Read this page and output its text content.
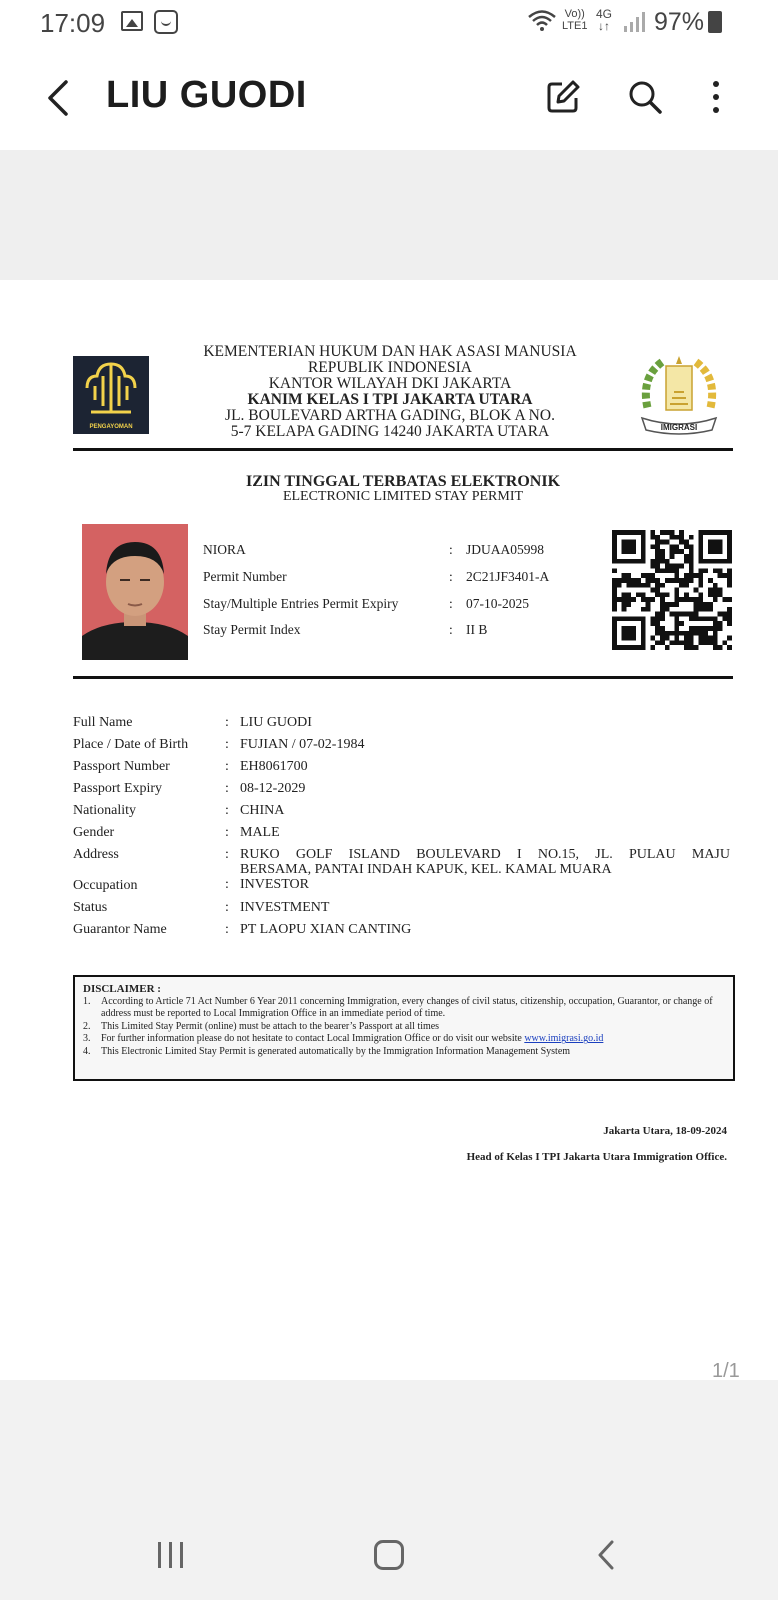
17:09	Vo))
LTE1
4G
↓↑ 97%
LIU GUODI
PENGAYOMAN	IMIGRASI
KEMENTERIAN HUKUM DAN HAK ASASI MANUSIA
REPUBLIK INDONESIA
KANTOR WILAYAH DKI JAKARTA
KANIM KELAS I TPI JAKARTA UTARA
JL. BOULEVARD ARTHA GADING, BLOK A NO.
5-7 KELAPA GADING 14240 JAKARTA UTARA
IZIN TINGGAL TERBATAS ELEKTRONIK
ELECTRONIC LIMITED STAY PERMIT
NIORA	: JDUAA05998
Permit Number	: 2C21JF3401-A
Stay/Multiple Entries Permit Expiry	: 07-10-2025
Stay Permit Index	: II B
Full Name	: LIU GUODI
Place / Date of Birth	: FUJIAN / 07-02-1984
Passport Number	: EH8061700
Passport Expiry	: 08-12-2029
Nationality	: CHINA
Gender	: MALE
Address	: RUKO GOLF ISLAND BOULEVARD I NO.15, JL. PULAU MAJU
BERSAMA, PANTAI INDAH KAPUK, KEL. KAMAL MUARA
Occupation	: INVESTOR
Status	: INVESTMENT
Guarantor Name	: PT LAOPU XIAN CANTING
DISCLAIMER :
1.	According to Article 71 Act Number 6 Year 2011 concerning Immigration, every changes of civil status, citizenship, occupation, Guarantor, or change of address must be reported to Local Immigration Office in an immediate period of time.
2.	This Limited Stay Permit (online) must be attach to the bearer’s Passport at all times
3.	For further information please do not hesitate to contact Local Immigration Office or do visit our website www.imigrasi.go.id
4.	This Electronic Limited Stay Permit is generated automatically by the Immigration Information Management System
Jakarta Utara, 18-09-2024
Head of Kelas I TPI Jakarta Utara Immigration Office.
1/1
